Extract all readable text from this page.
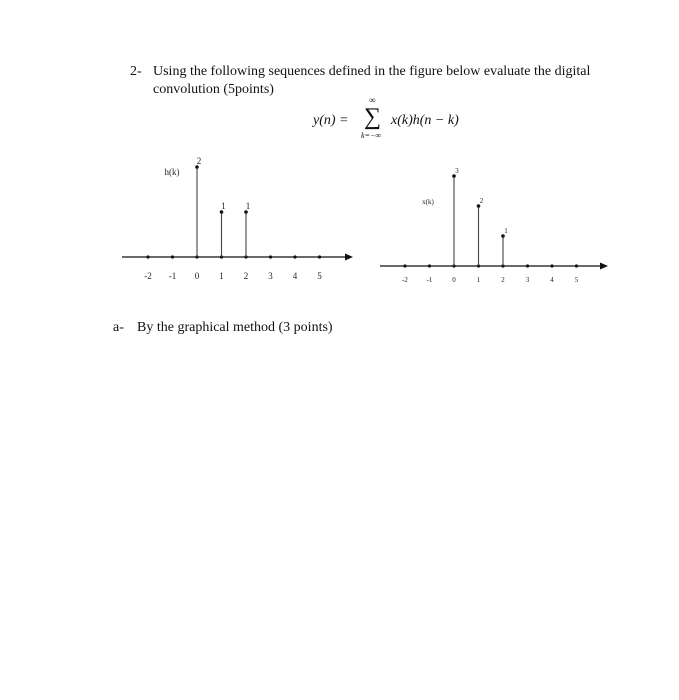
2- Using the following sequences defined in the figure below evaluate the digital
convolution (5points)
y(n) =
∞
∑
k=−∞
x(k)h(n − k)
-2 -1 0 1 2 3 4 5
2
1 1
h(k)
-2	-1	0	1	2	3	4	5
3
2
1
x(k)
a- By the graphical method (3 points)
